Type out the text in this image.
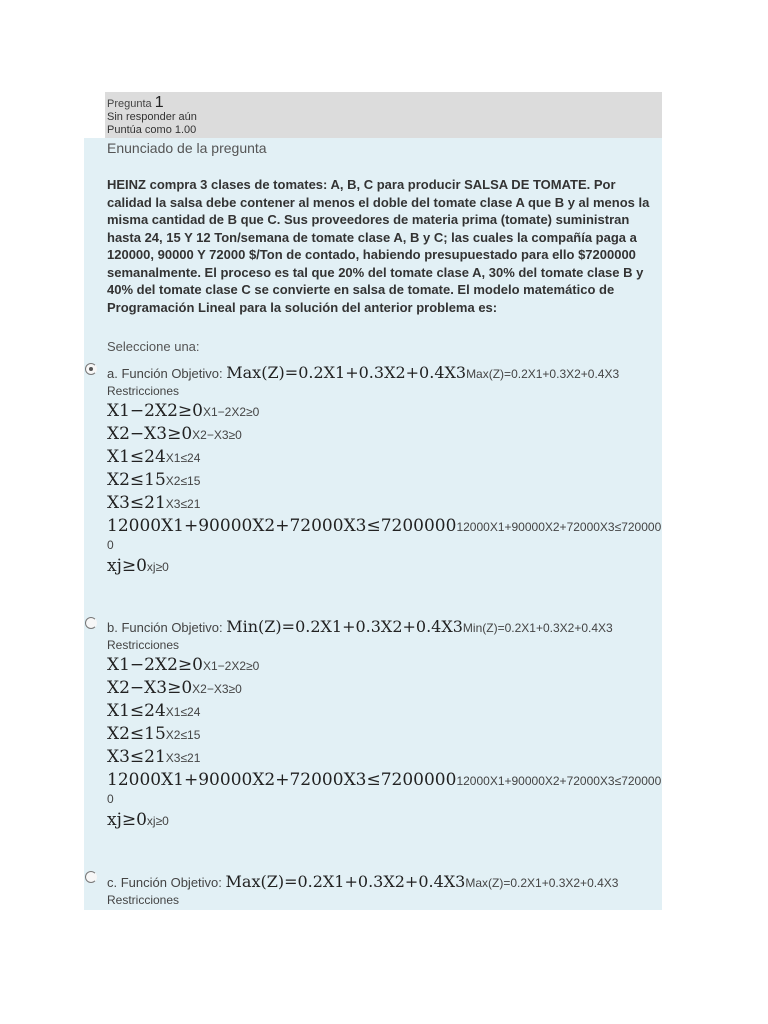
Pregunta 1
Sin responder aún
Puntúa como 1.00
Enunciado de la pregunta
HEINZ compra 3 clases de tomates: A, B, C para producir SALSA DE TOMATE. Por calidad la salsa debe contener al menos el doble del tomate clase A que B y al menos la misma cantidad de B que C. Sus proveedores de materia prima (tomate) suministran hasta 24, 15 Y 12 Ton/semana de tomate clase A, B y C; las cuales la compañía paga a 120000, 90000 Y 72000 $/Ton de contado, habiendo presupuestado para ello $7200000 semanalmente. El proceso es tal que 20% del tomate clase A, 30% del tomate clase B y 40% del tomate clase C se convierte en salsa de tomate. El modelo matemático de Programación Lineal para la solución del anterior problema es:
Seleccione una:
a. Función Objetivo: Max(Z)=0.2X1+0.3X2+0.4X3Max(Z)=0.2X1+0.3X2+0.4X3
Restricciones
X1−2X2≥0X1−2X2≥0
X2−X3≥0X2−X3≥0
X1≤24X1≤24
X2≤15X2≤15
X3≤21X3≤21
12000X1+90000X2+72000X3≤720000012000X1+90000X2+72000X3≤720000
0
xj≥0xj≥0
b. Función Objetivo: Min(Z)=0.2X1+0.3X2+0.4X3Min(Z)=0.2X1+0.3X2+0.4X3
Restricciones
X1−2X2≥0X1−2X2≥0
X2−X3≥0X2−X3≥0
X1≤24X1≤24
X2≤15X2≤15
X3≤21X3≤21
12000X1+90000X2+72000X3≤720000012000X1+90000X2+72000X3≤720000
0
xj≥0xj≥0
c. Función Objetivo: Max(Z)=0.2X1+0.3X2+0.4X3Max(Z)=0.2X1+0.3X2+0.4X3
Restricciones
